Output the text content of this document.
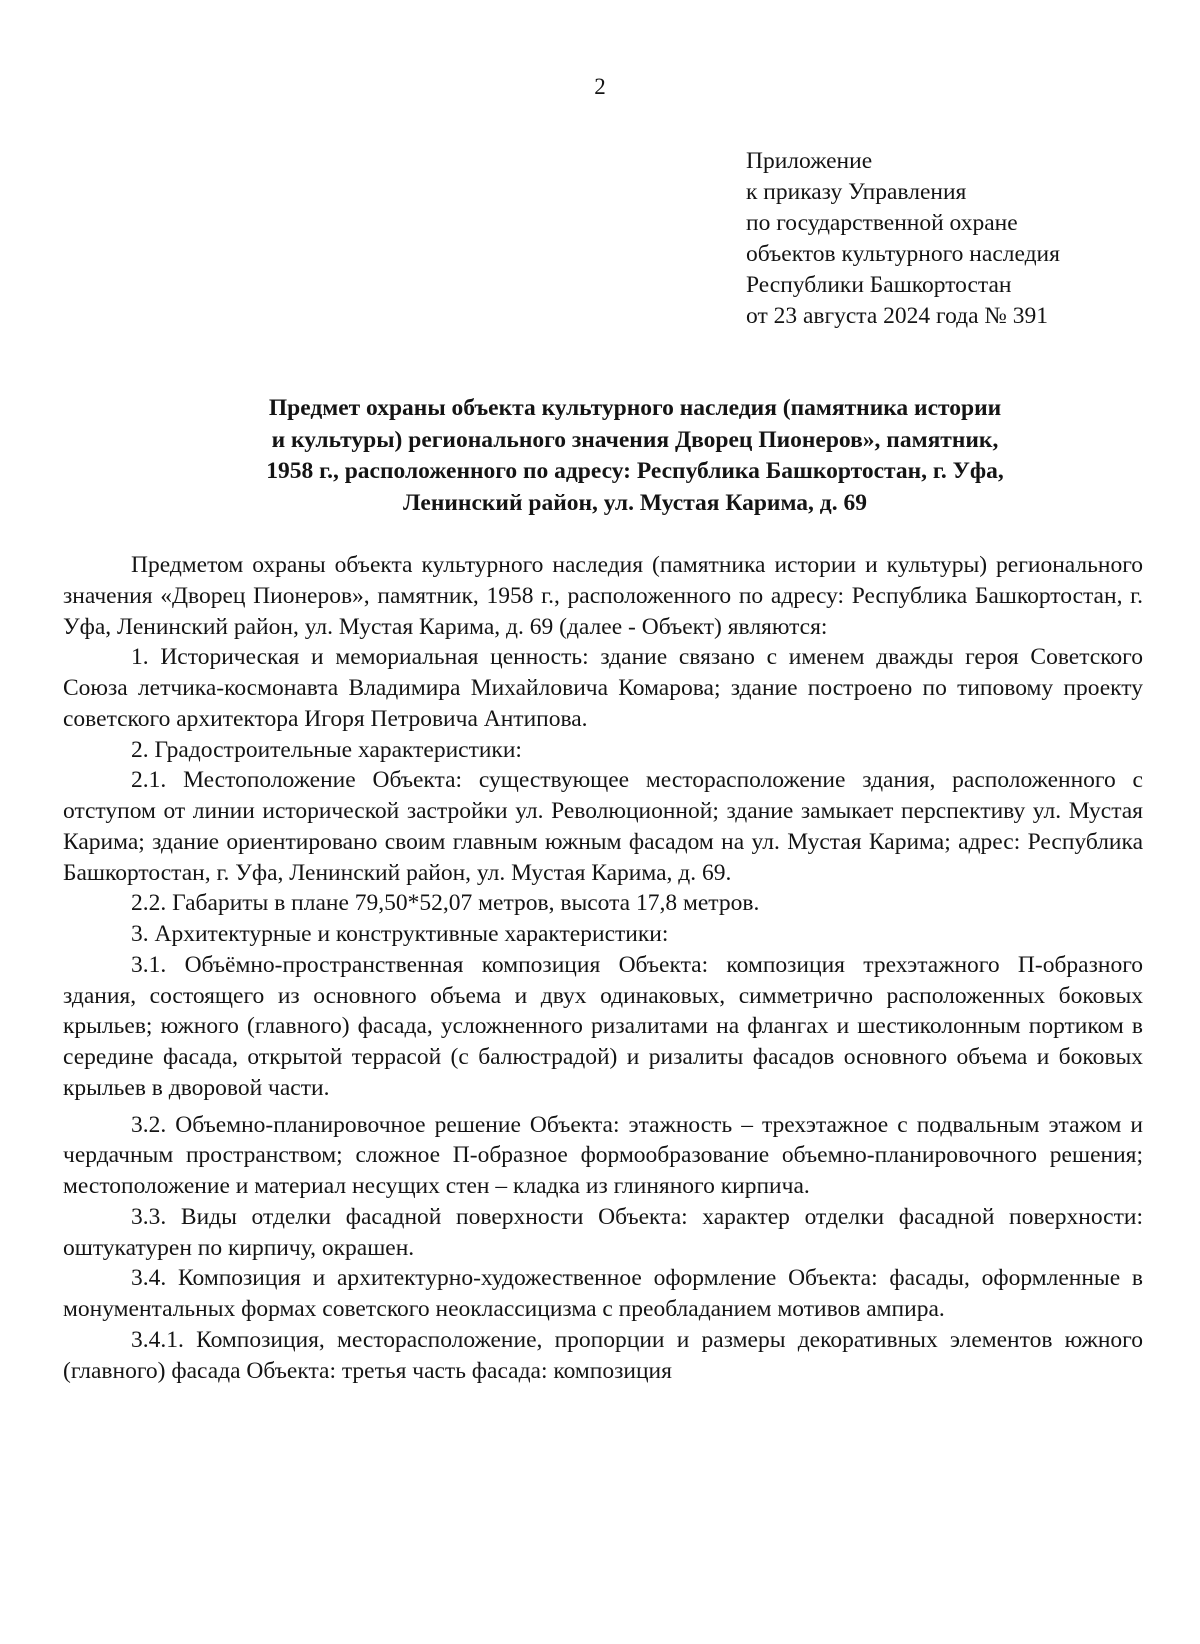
2
Приложение
к приказу Управления
по государственной охране
объектов культурного наследия
Республики Башкортостан
от 23 августа 2024 года № 391
Предмет охраны объекта культурного наследия (памятника истории
и культуры) регионального значения Дворец Пионеров», памятник,
1958 г., расположенного по адресу: Республика Башкортостан, г. Уфа,
Ленинский район, ул. Мустая Карима, д. 69

Предметом охраны объекта культурного наследия (памятника истории и культуры) регионального значения «Дворец Пионеров», памятник, 1958 г., расположенного по адресу: Республика Башкортостан, г. Уфа, Ленинский район, ул. Мустая Карима, д. 69 (далее - Объект) являются:

1. Историческая и мемориальная ценность: здание связано с именем дважды героя Советского Союза летчика-космонавта Владимира Михайловича Комарова; здание построено по типовому проекту советского архитектора Игоря Петровича Антипова.

2. Градостроительные характеристики:

2.1. Местоположение Объекта: существующее месторасположение здания, расположенного с отступом от линии исторической застройки ул. Революционной; здание замыкает перспективу ул. Мустая Карима; здание ориентировано своим главным южным фасадом на ул. Мустая Карима; адрес: Республика Башкортостан, г. Уфа, Ленинский район, ул. Мустая Карима, д. 69.

2.2. Габариты в плане 79,50*52,07 метров, высота 17,8 метров.

3. Архитектурные и конструктивные характеристики:

3.1. Объёмно-пространственная композиция Объекта: композиция трехэтажного П-образного здания, состоящего из основного объема и двух одинаковых, симметрично расположенных боковых крыльев; южного (главного) фасада, усложненного ризалитами на флангах и шестиколонным портиком в середине фасада, открытой террасой (с балюстрадой) и ризалиты фасадов основного объема и боковых крыльев в дворовой части.

3.2. Объемно-планировочное решение Объекта: этажность – трехэтажное с подвальным этажом и чердачным пространством; сложное П-образное формообразование объемно-планировочного решения; местоположение и материал несущих стен – кладка из глиняного кирпича.

3.3. Виды отделки фасадной поверхности Объекта: характер отделки фасадной поверхности: оштукатурен по кирпичу, окрашен.

3.4. Композиция и архитектурно-художественное оформление Объекта: фасады, оформленные в монументальных формах советского неоклассицизма с преобладанием мотивов ампира.

3.4.1. Композиция, месторасположение, пропорции и размеры декоративных элементов южного (главного) фасада Объекта: третья часть фасада: композиция
